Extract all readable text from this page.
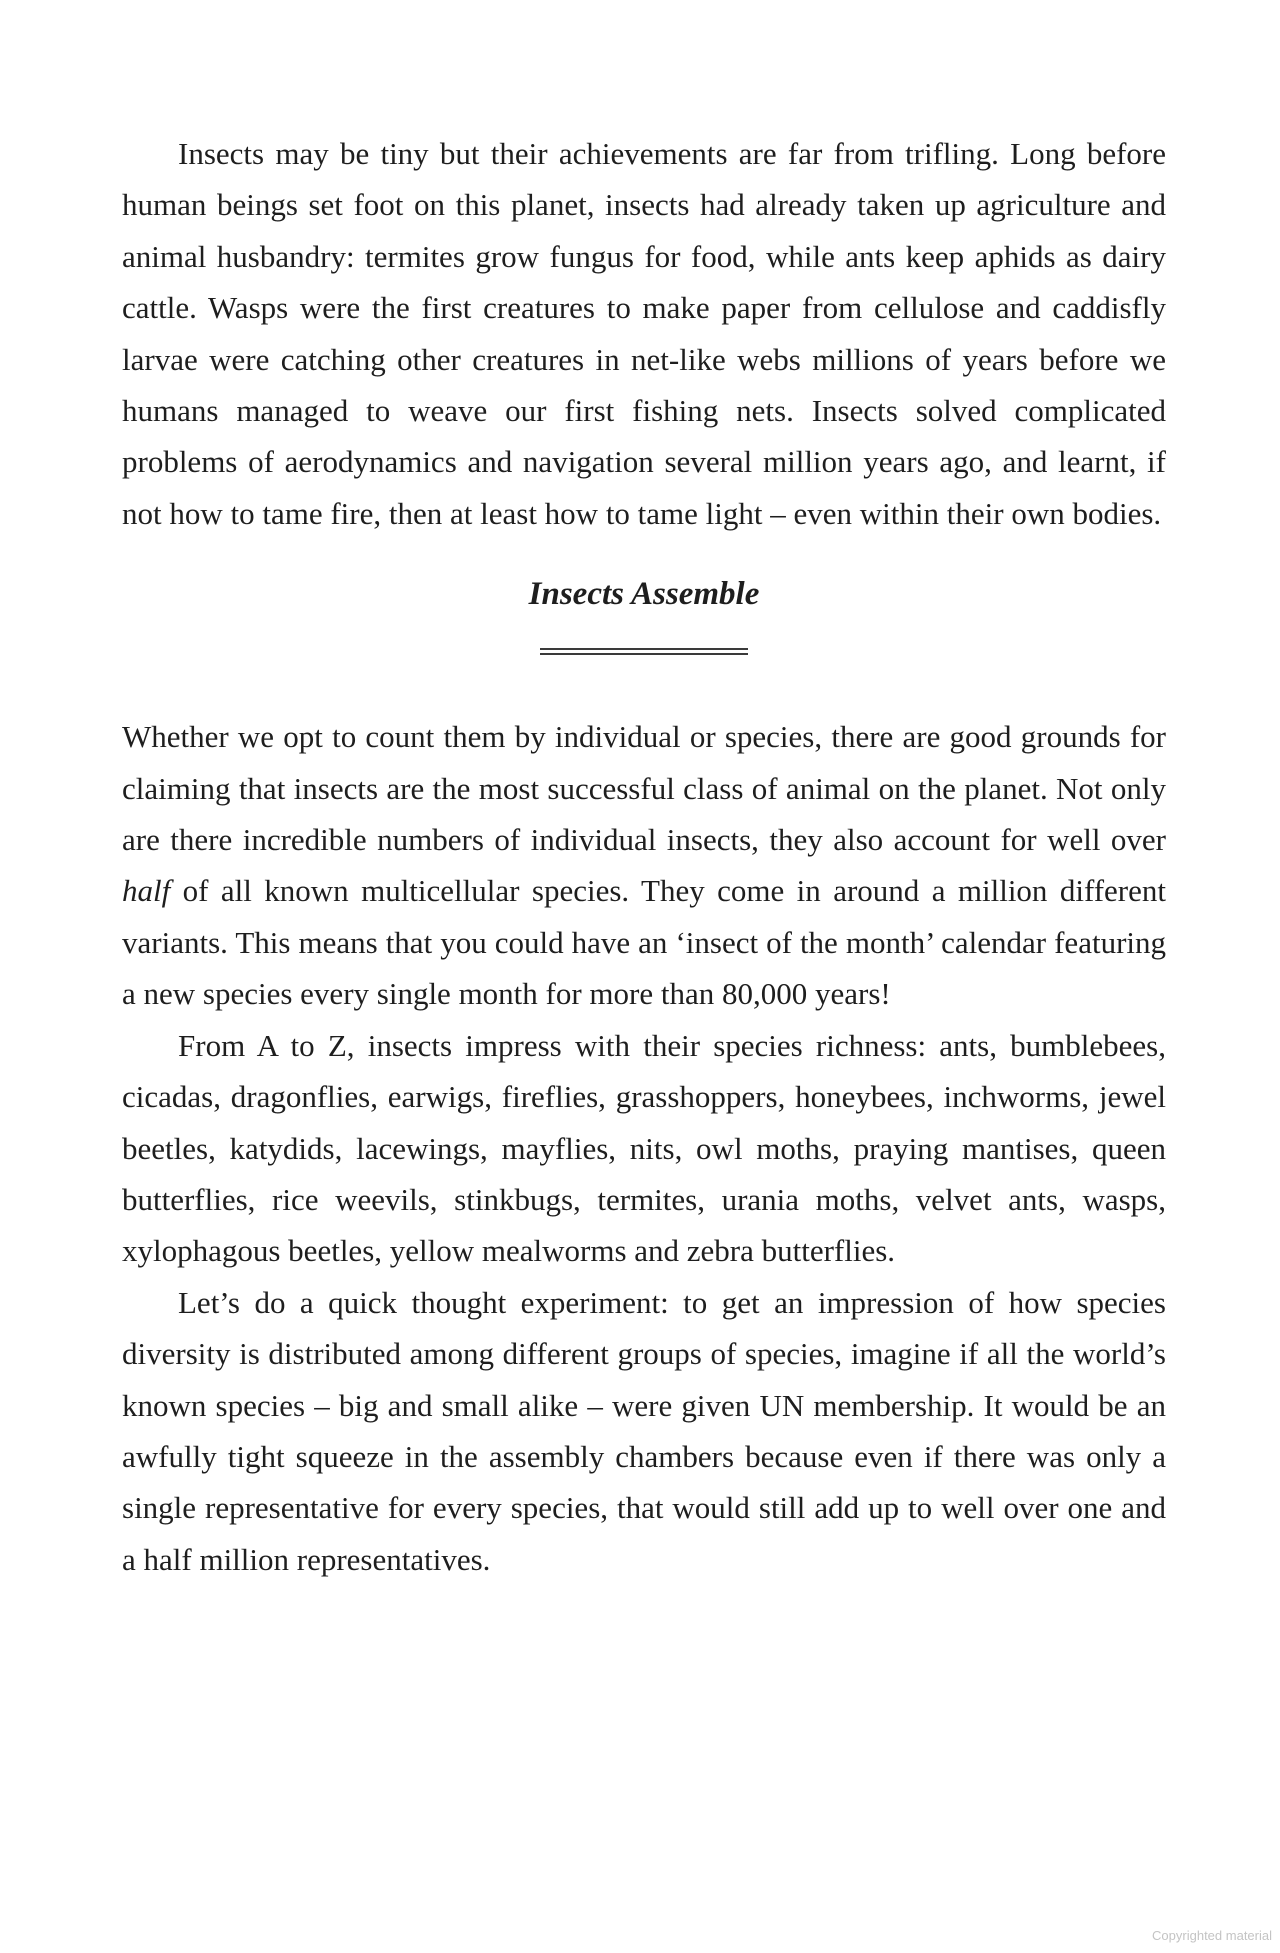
Insects may be tiny but their achievements are far from trifling. Long before human beings set foot on this planet, insects had already taken up agriculture and animal husbandry: termites grow fungus for food, while ants keep aphids as dairy cattle. Wasps were the first creatures to make paper from cellulose and caddisfly larvae were catching other creatures in net-like webs millions of years before we humans managed to weave our first fishing nets. Insects solved complicated problems of aerodynamics and navigation several million years ago, and learnt, if not how to tame fire, then at least how to tame light – even within their own bodies.

Insects Assemble

Whether we opt to count them by individual or species, there are good grounds for claiming that insects are the most successful class of animal on the planet. Not only are there incredible numbers of individual insects, they also account for well over half of all known multicellular species. They come in around a million different variants. This means that you could have an ‘insect of the month’ calendar featuring a new species every single month for more than 80,000 years!

From A to Z, insects impress with their species richness: ants, bumblebees, cicadas, dragonflies, earwigs, fireflies, grasshoppers, honeybees, inchworms, jewel beetles, katydids, lacewings, mayflies, nits, owl moths, praying mantises, queen butterflies, rice weevils, stinkbugs, termites, urania moths, velvet ants, wasps, xylophagous beetles, yellow mealworms and zebra butterflies.

Let’s do a quick thought experiment: to get an impression of how species diversity is distributed among different groups of species, imagine if all the world’s known species – big and small alike – were given UN membership. It would be an awfully tight squeeze in the assembly chambers because even if there was only a single representative for every species, that would still add up to well over one and a half million representatives.

Copyrighted material
